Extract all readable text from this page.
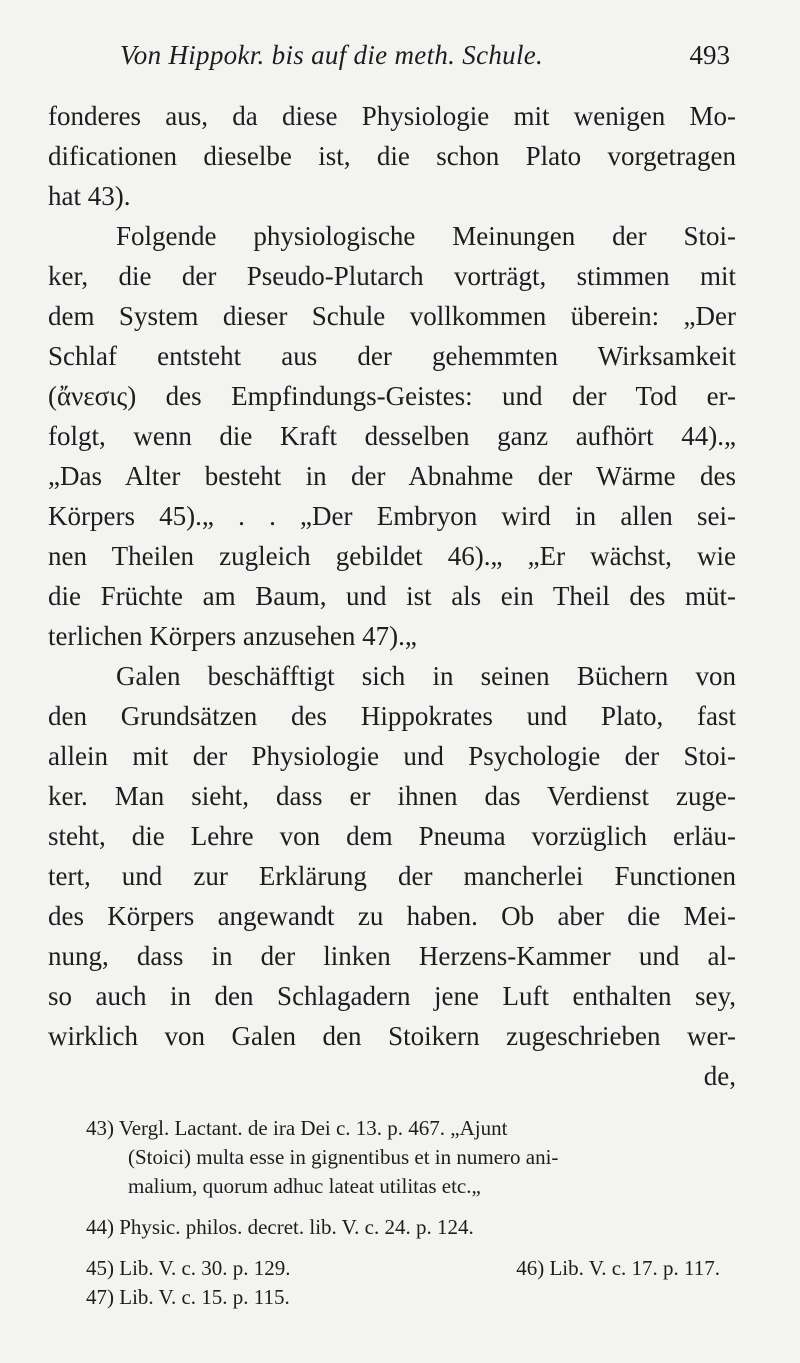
Von Hippokr. bis auf die meth. Schule.	493
fonderes aus, da diese Physiologie mit wenigen Mo-
dificationen dieselbe ist, die schon Plato vorgetragen
hat 43).
Folgende physiologische Meinungen der Stoi-
ker, die der Pseudo-Plutarch vorträgt, stimmen mit
dem System dieser Schule vollkommen überein: „Der
Schlaf entsteht aus der gehemmten Wirksamkeit
(ἄνεσις) des Empfindungs-Geistes: und der Tod er-
folgt, wenn die Kraft desselben ganz aufhört 44).„
„Das Alter besteht in der Abnahme der Wärme des
Körpers 45).„ . . „Der Embryon wird in allen sei-
nen Theilen zugleich gebildet 46).„ „Er wächst, wie
die Früchte am Baum, und ist als ein Theil des müt-
terlichen Körpers anzusehen 47).„
Galen beschäfftigt sich in seinen Büchern von
den Grundsätzen des Hippokrates und Plato, fast
allein mit der Physiologie und Psychologie der Stoi-
ker. Man sieht, dass er ihnen das Verdienst zuge-
steht, die Lehre von dem Pneuma vorzüglich erläu-
tert, und zur Erklärung der mancherlei Functionen
des Körpers angewandt zu haben. Ob aber die Mei-
nung, dass in der linken Herzens-Kammer und al-
so auch in den Schlagadern jene Luft enthalten sey,
wirklich von Galen den Stoikern zugeschrieben wer-
de,
43) Vergl. Lactant. de ira Dei c. 13. p. 467. „Ajunt
(Stoici) multa esse in gignentibus et in numero ani-
malium, quorum adhuc lateat utilitas etc.„
44) Physic. philos. decret. lib. V. c. 24. p. 124.
45) Lib. V. c. 30. p. 129.	46) Lib. V. c. 17. p. 117.
47) Lib. V. c. 15. p. 115.
